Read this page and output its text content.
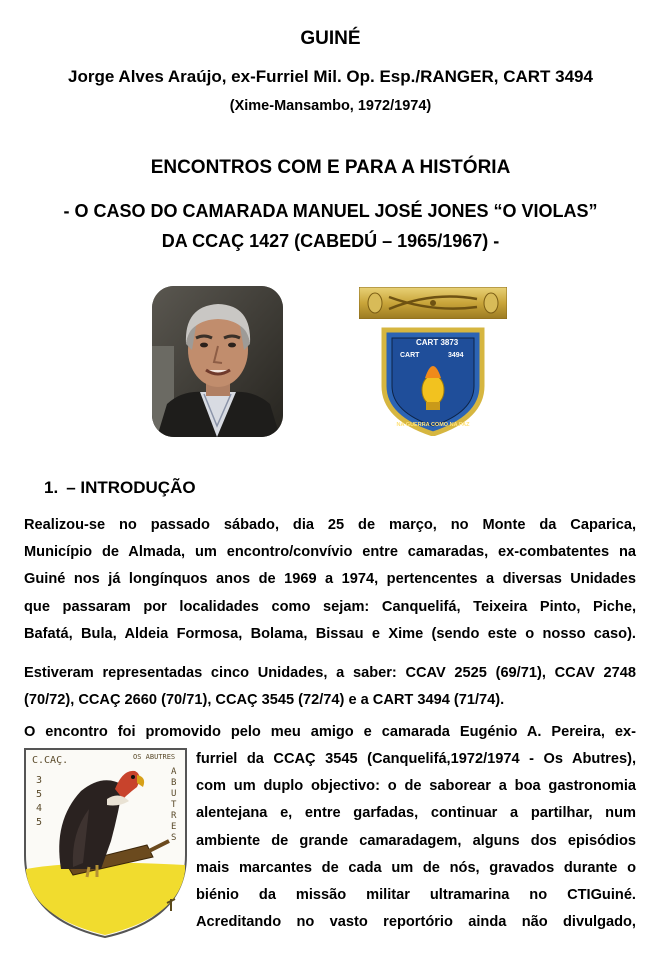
GUINÉ
Jorge Alves Araújo, ex-Furriel Mil. Op. Esp./RANGER, CART 3494
(Xime-Mansambo, 1972/1974)
ENCONTROS COM E PARA A HISTÓRIA
- O CASO DO CAMARADA MANUEL JOSÉ JONES “O VIOLAS”
DA CCAÇ 1427 (CABEDÚ – 1965/1967) -
CART 3873
CART	3494
NA GUERRA COMO NA PAZ
1. – INTRODUÇÃO
Realizou-se no passado sábado, dia 25 de março, no Monte da Caparica,
Município de Almada, um encontro/convívio entre camaradas, ex-combatentes na
Guiné nos já longínquos anos de 1969 a 1974, pertencentes a diversas Unidades
que passaram por localidades como sejam: Canquelifá, Teixeira Pinto, Piche,
Bafatá, Bula, Aldeia Formosa, Bolama, Bissau e Xime (sendo este o nosso caso).
Estiveram representadas cinco Unidades, a saber: CCAV 2525 (69/71), CCAV 2748
(70/72), CCAÇ 2660 (70/71), CCAÇ 3545 (72/74) e a CART 3494 (71/74).
O encontro foi promovido pelo meu amigo e camarada Eugénio A. Pereira, ex-
furriel da CCAÇ 3545 (Canquelifá,1972/1974 - Os Abutres),
com um duplo objectivo: o de saborear a boa gastronomia
alentejana e, entre garfadas, continuar a partilhar, num
ambiente de grande camaradagem, alguns dos episódios
mais marcantes de cada um de nós, gravados durante o
biénio da missão militar ultramarina no CTIGuiné.
Acreditando no vasto reportório ainda não divulgado,
C.CAÇ.	OS ABUTRES
3
5
4
5
A
B
U
T
R
E
S
